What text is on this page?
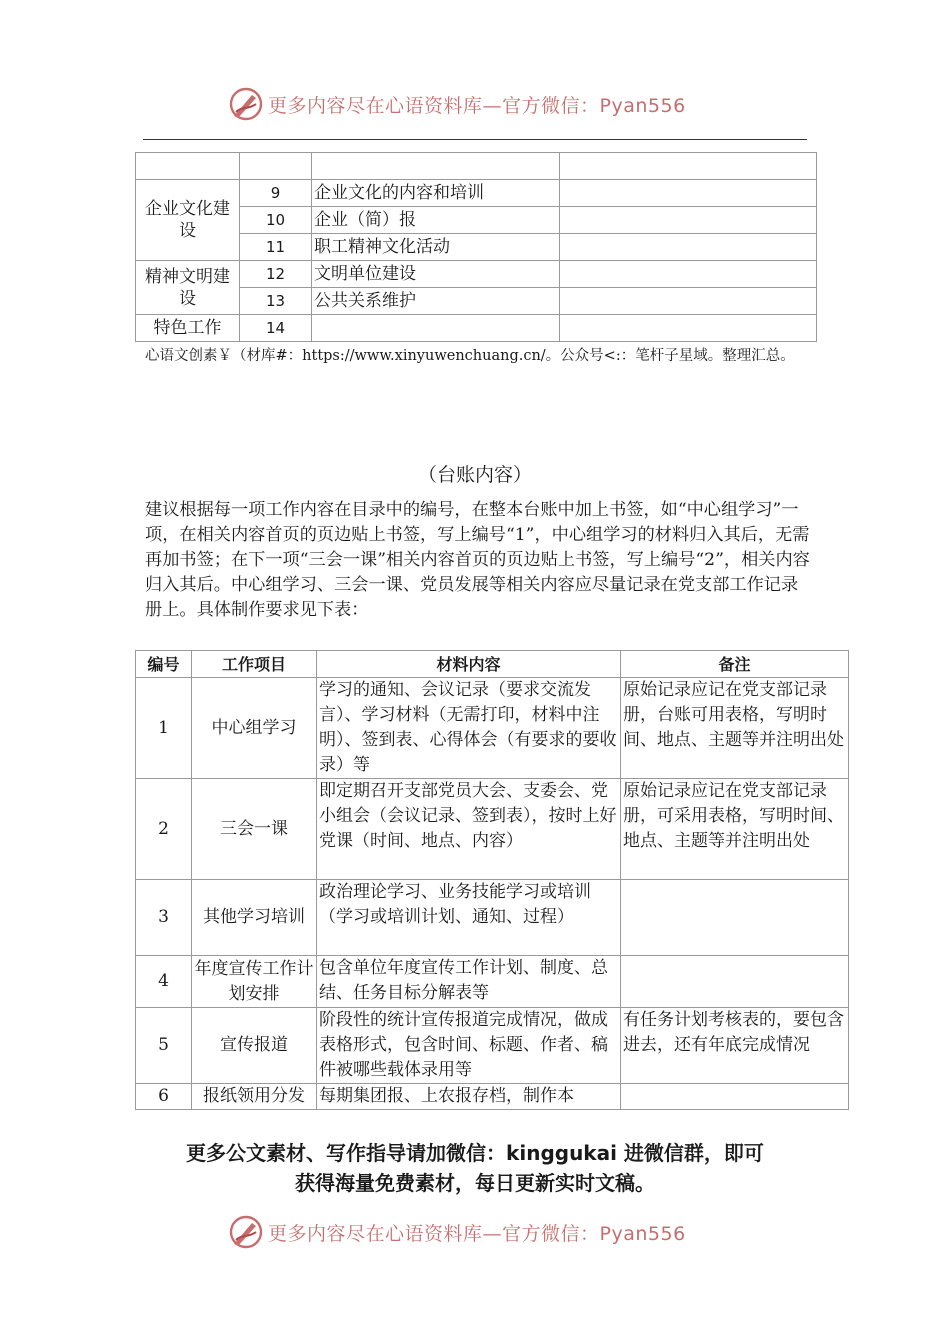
更多内容尽在心语资料库—官方微信：Pyan556

企业文化建设	9	企业文化的内容和培训	
	10	企业（简）报	
	11	职工精神文化活动	
精神文明建设	12	文明单位建设	
	13	公共关系维护	
特色工作	14		
心语文创素￥（材库#：https://www.xinyuwenchuang.cn/。公众号<:：笔杆子星域。整理汇总。
（台账内容）
建议根据每一项工作内容在目录中的编号，在整本台账中加上书签，如“中心组学习”一项，在相关内容首页的页边贴上书签，写上编号“1”，中心组学习的材料归入其后，无需再加书签；在下一项“三会一课”相关内容首页的页边贴上书签，写上编号“2”，相关内容归入其后。中心组学习、三会一课、党员发展等相关内容应尽量记录在党支部工作记录册上。具体制作要求见下表：
编号	工作项目	材料内容	备注
1	中心组学习	学习的通知、会议记录（要求交流发言）、学习材料（无需打印，材料中注明）、签到表、心得体会（有要求的要收录）等	原始记录应记在党支部记录册，台账可用表格，写明时间、地点、主题等并注明出处
2	三会一课	即定期召开支部党员大会、支委会、党小组会（会议记录、签到表），按时上好党课（时间、地点、内容）	原始记录应记在党支部记录册，可采用表格，写明时间、地点、主题等并注明出处
3	其他学习培训	政治理论学习、业务技能学习或培训（学习或培训计划、通知、过程）	
4	年度宣传工作计划安排	包含单位年度宣传工作计划、制度、总结、任务目标分解表等	
5	宣传报道	阶段性的统计宣传报道完成情况，做成表格形式，包含时间、标题、作者、稿件被哪些载体录用等	有任务计划考核表的，要包含进去，还有年底完成情况
6	报纸领用分发	每期集团报、上农报存档，制作本	
更多公文素材、写作指导请加微信：kinggukai 进微信群，即可
获得海量免费素材，每日更新实时文稿。
更多内容尽在心语资料库—官方微信：Pyan556
